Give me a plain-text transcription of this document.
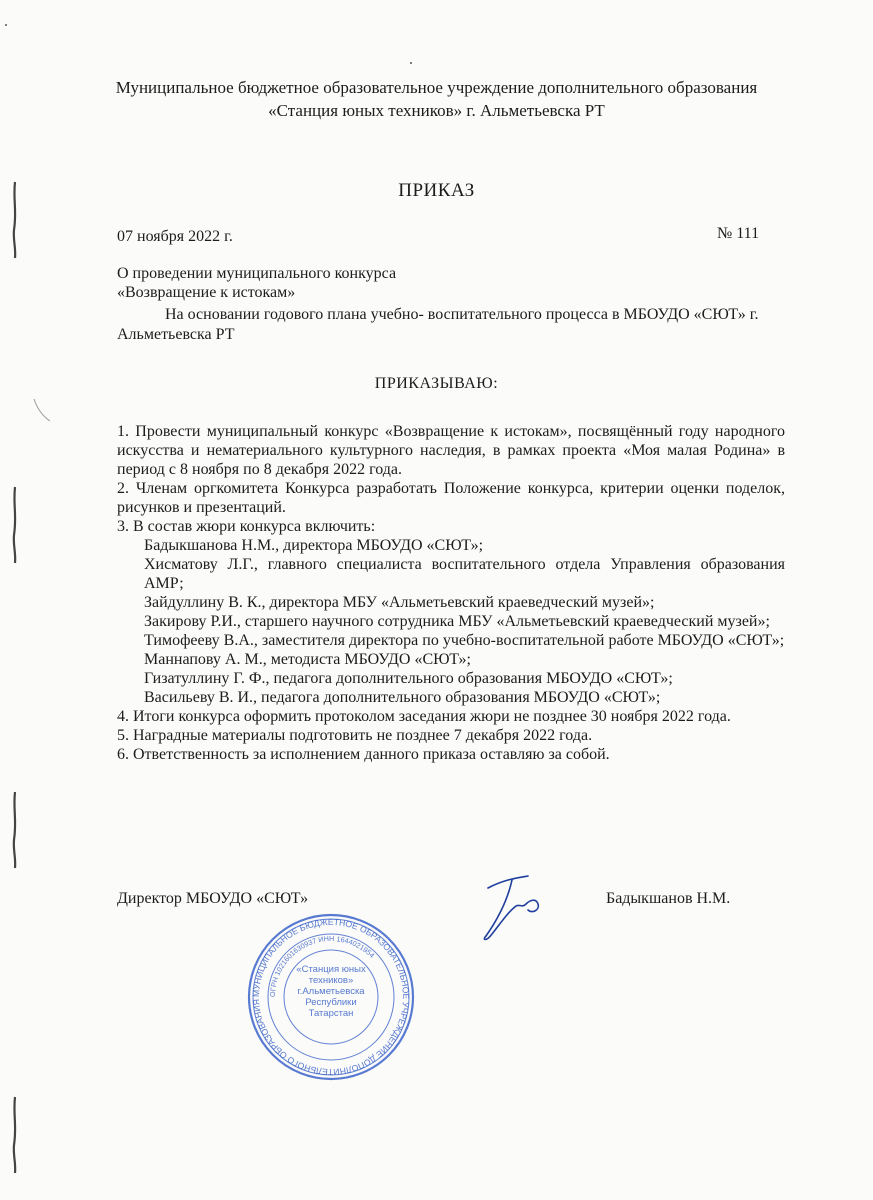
Муниципальное бюджетное образовательное учреждение дополнительного образования
«Станция юных техников» г. Альметьевска РТ
ПРИКАЗ
07 ноября 2022 г.	№ 111
О проведении муниципального конкурса
«Возвращение к истокам»
На основании годового плана учебно- воспитательного процесса в МБОУДО «СЮТ» г. Альметьевска РТ
ПРИКАЗЫВАЮ:
1. Провести муниципальный конкурс «Возвращение к истокам», посвящённый году народного искусства и нематериального культурного наследия, в рамках проекта «Моя малая Родина» в период с 8 ноября по 8 декабря 2022 года.
2. Членам оргкомитета Конкурса разработать Положение конкурса, критерии оценки поделок, рисунков и презентаций.
3. В состав жюри конкурса включить:
Бадыкшанова Н.М., директора МБОУДО «СЮТ»;
Хисматову Л.Г., главного специалиста воспитательного отдела Управления образования АМР;
Зайдуллину В. К., директора МБУ «Альметьевский краеведческий музей»;
Закирову Р.И., старшего научного сотрудника МБУ «Альметьевский краеведческий музей»;
Тимофееву В.А., заместителя директора по учебно-воспитательной работе МБОУДО «СЮТ»;
Маннапову А. М., методиста МБОУДО «СЮТ»;
Гизатуллину Г. Ф., педагога дополнительного образования МБОУДО «СЮТ»;
Васильеву В. И., педагога дополнительного образования МБОУДО «СЮТ»;
4. Итоги конкурса оформить протоколом заседания жюри не позднее 30 ноября 2022 года.
5. Наградные материалы подготовить не позднее 7 декабря 2022 года.
6. Ответственность за исполнением данного приказа оставляю за собой.
Директор МБОУДО «СЮТ»	Бадыкшанов Н.М.
МУНИЦИПАЛЬНОЕ БЮДЖЕТНОЕ ОБРАЗОВАТЕЛЬНОЕ УЧРЕЖДЕНИЕ ДОПОЛНИТЕЛЬНОГО ОБРАЗОВАНИЯ
ОГРН 1021601630937 ИНН 1644021954
«Станция юных техников» г.Альметьевска Республики Татарстан
